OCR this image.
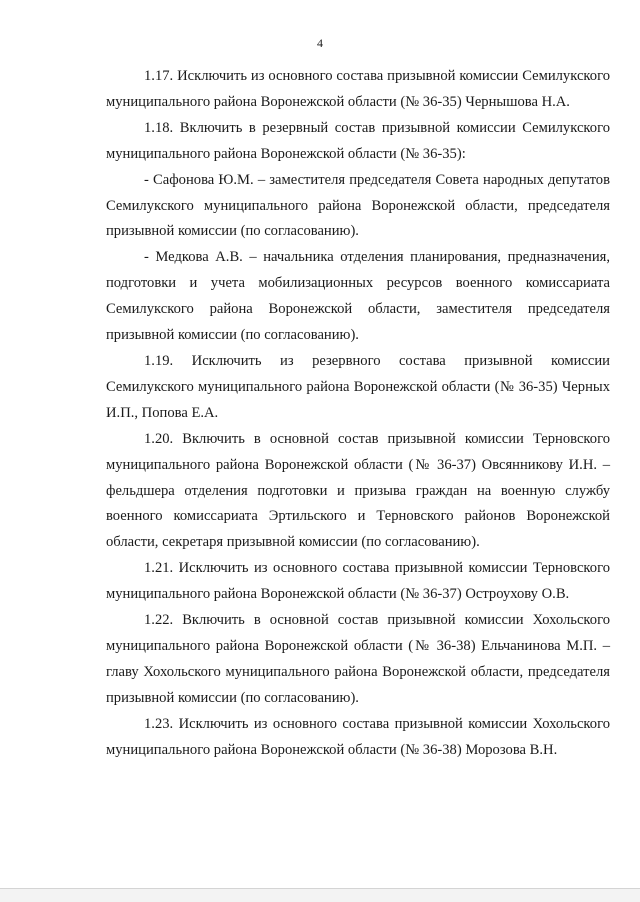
4

1.17. Исключить из основного состава призывной комиссии Семилукского муниципального района Воронежской области (№ 36-35) Чернышова Н.А.

1.18. Включить в резервный состав призывной комиссии Семилукского муниципального района Воронежской области (№ 36-35):

- Сафонова Ю.М. – заместителя председателя Совета народных депутатов Семилукского муниципального района Воронежской области, председателя призывной комиссии (по согласованию).

- Медкова А.В. – начальника отделения планирования, предназначения, подготовки и учета мобилизационных ресурсов военного комиссариата Семилукского района Воронежской области, заместителя председателя призывной комиссии (по согласованию).

1.19. Исключить из резервного состава призывной комиссии Семилукского муниципального района Воронежской области (№ 36-35) Черных И.П., Попова Е.А.

1.20. Включить в основной состав призывной комиссии Терновского муниципального района Воронежской области (№ 36-37) Овсянникову И.Н. – фельдшера отделения подготовки и призыва граждан на военную службу военного комиссариата Эртильского и Терновского районов Воронежской области, секретаря призывной комиссии (по согласованию).

1.21. Исключить из основного состава призывной комиссии Терновского муниципального района Воронежской области (№ 36-37) Остроухову О.В.

1.22. Включить в основной состав призывной комиссии Хохольского муниципального района Воронежской области (№ 36-38) Ельчанинова М.П. – главу Хохольского муниципального района Воронежской области, председателя призывной комиссии (по согласованию).

1.23. Исключить из основного состава призывной комиссии Хохольского муниципального района Воронежской области (№ 36-38) Морозова В.Н.
